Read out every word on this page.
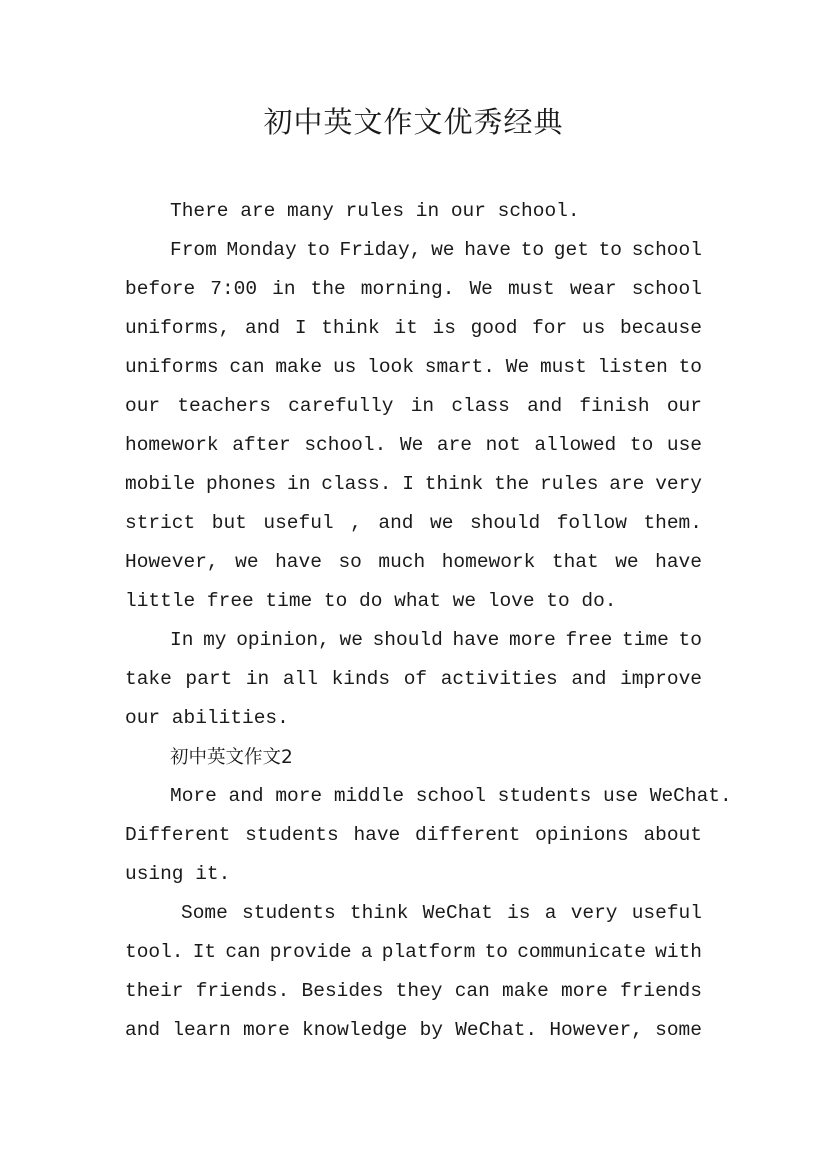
初中英文作文优秀经典
There are many rules in our school.
From Monday to Friday, we have to get to school
before 7:00 in the morning. We must wear school
uniforms, and I think it is good for us because
uniforms can make us look smart. We must listen to
our teachers carefully in class and finish our
homework after school. We are not allowed to use
mobile phones in class. I think the rules are very
strict but useful , and we should follow them.
However, we have so much homework that we have
little free time to do what we love to do.
In my opinion, we should have more free time to
take part in all kinds of activities and improve
our abilities.
初中英文作文2
More and more middle school students use WeChat.
Different students have different opinions about
using it.
Some students think WeChat is a very useful
tool. It can provide a platform to communicate with
their friends. Besides they can make more friends
and learn more knowledge by WeChat. However, some
